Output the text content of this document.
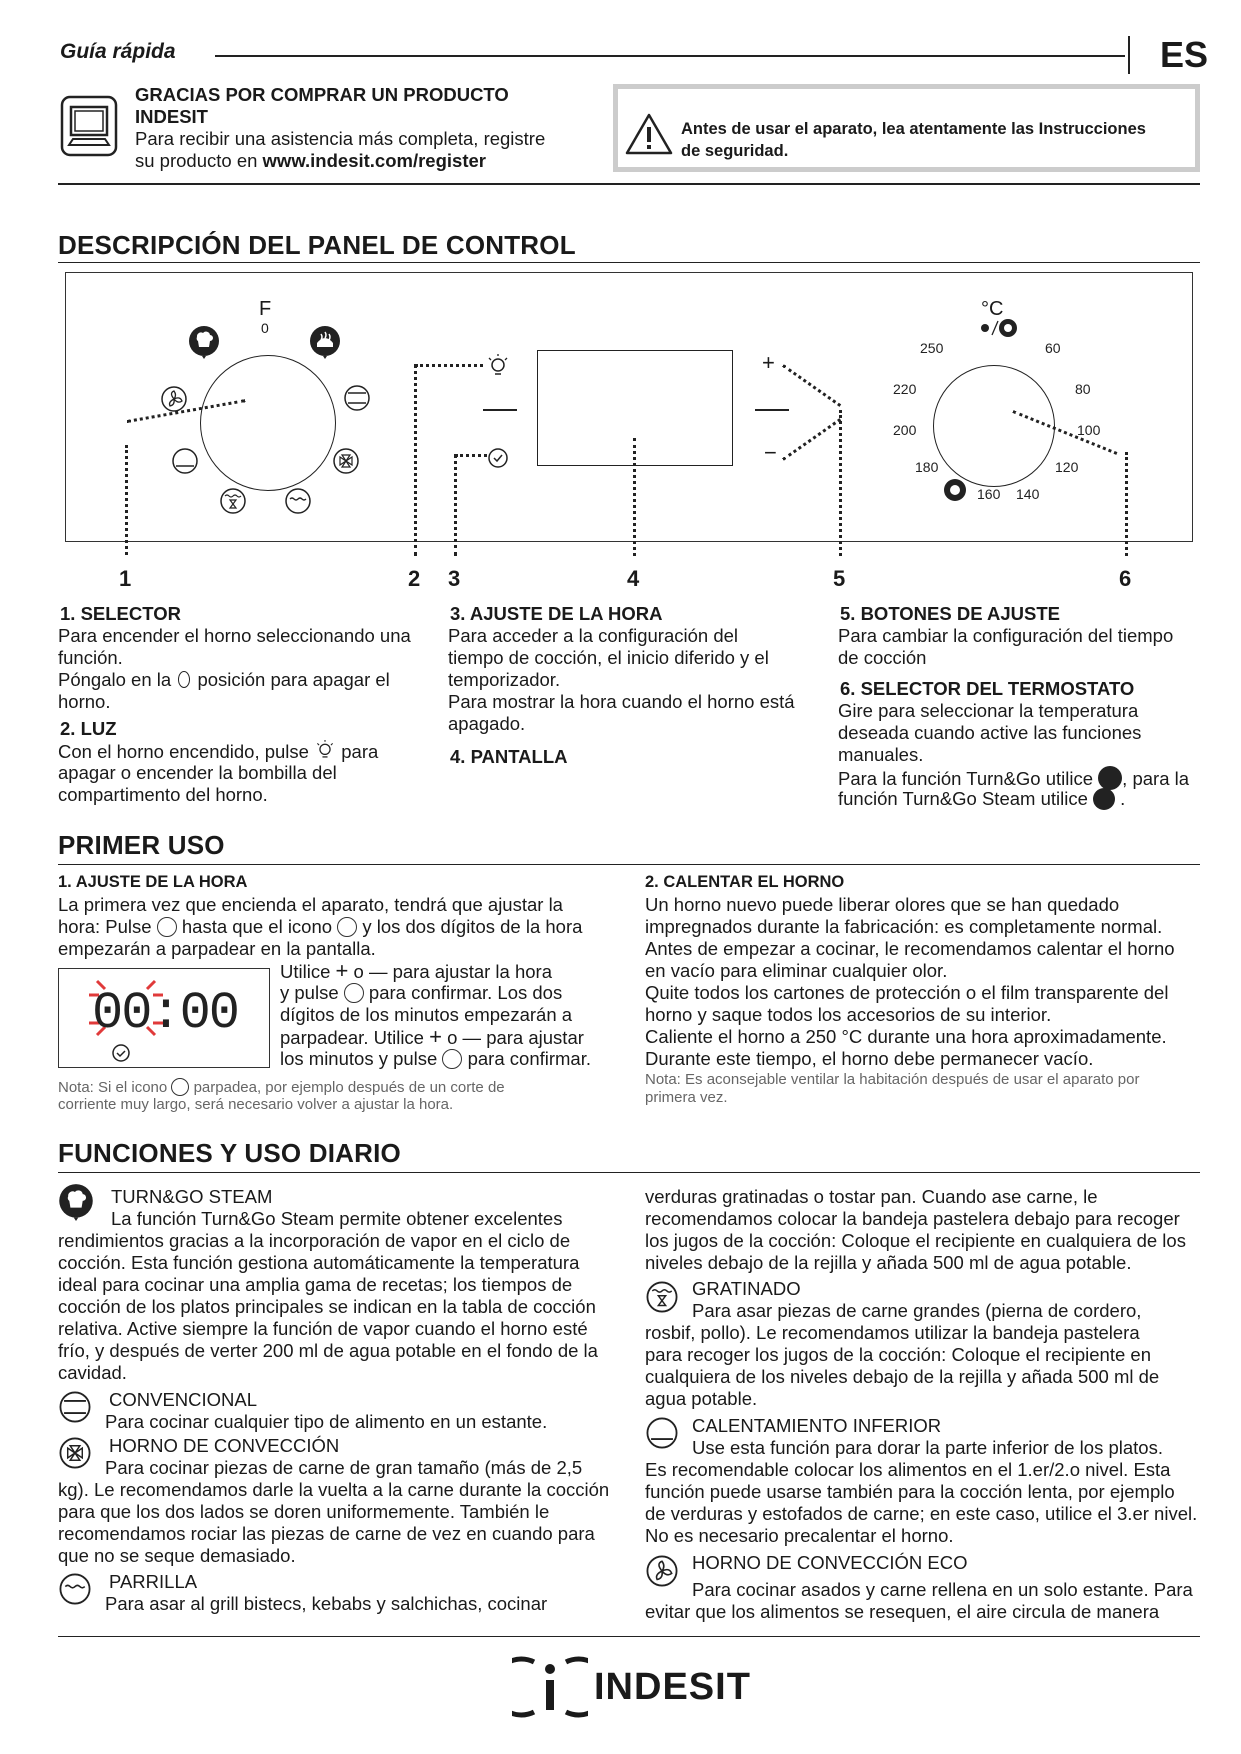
Guía rápida	ES
GRACIAS POR COMPRAR UN PRODUCTO
INDESIT
Para recibir una asistencia más completa, registre
su producto en www.indesit.com/register
Antes de usar el aparato, lea atentamente las Instrucciones
de seguridad.
DESCRIPCIÓN DEL PANEL DE CONTROL
F
0
+
−
°C
250	60
220	80
200	100
180	120
160 140
1	2 3	4	5	6
1. SELECTOR
Para encender el horno seleccionando una
función.
Póngalo en la posición para apagar el
horno.
2. LUZ
Con el horno encendido, pulse para
apagar o encender la bombilla del
compartimento del horno.
3. AJUSTE DE LA HORA
Para acceder a la configuración del
tiempo de cocción, el inicio diferido y el
temporizador.
Para mostrar la hora cuando el horno está
apagado.
4. PANTALLA
5. BOTONES DE AJUSTE
Para cambiar la configuración del tiempo
de cocción
6. SELECTOR DEL TERMOSTATO
Gire para seleccionar la temperatura
deseada cuando active las funciones
manuales.
Para la función Turn&Go utilice , para la
función Turn&Go Steam utilice .
PRIMER USO
1. AJUSTE DE LA HORA
La primera vez que encienda el aparato, tendrá que ajustar la
hora: Pulse hasta que el icono y los dos dígitos de la hora
empezarán a parpadear en la pantalla.
00:00
Utilice + o — para ajustar la hora
y pulse para confirmar. Los dos
dígitos de los minutos empezarán a
parpadear. Utilice + o — para ajustar
los minutos y pulse para confirmar.
Nota: Si el icono parpadea, por ejemplo después de un corte de
corriente muy largo, será necesario volver a ajustar la hora.
2. CALENTAR EL HORNO
Un horno nuevo puede liberar olores que se han quedado
impregnados durante la fabricación: es completamente normal.
Antes de empezar a cocinar, le recomendamos calentar el horno
en vacío para eliminar cualquier olor.
Quite todos los cartones de protección o el film transparente del
horno y saque todos los accesorios de su interior.
Caliente el horno a 250 °C durante una hora aproximadamente.
Durante este tiempo, el horno debe permanecer vacío.
Nota: Es aconsejable ventilar la habitación después de usar el aparato por
primera vez.
FUNCIONES Y USO DIARIO
TURN&GO STEAM
La función Turn&Go Steam permite obtener excelentes
rendimientos gracias a la incorporación de vapor en el ciclo de
cocción. Esta función gestiona automáticamente la temperatura
ideal para cocinar una amplia gama de recetas; los tiempos de
cocción de los platos principales se indican en la tabla de cocción
relativa. Active siempre la función de vapor cuando el horno esté
frío, y después de verter 200 ml de agua potable en el fondo de la
cavidad.
CONVENCIONAL
Para cocinar cualquier tipo de alimento en un estante.
HORNO DE CONVECCIÓN
Para cocinar piezas de carne de gran tamaño (más de 2,5
kg). Le recomendamos darle la vuelta a la carne durante la cocción
para que los dos lados se doren uniformemente. También le
recomendamos rociar las piezas de carne de vez en cuando para
que no se seque demasiado.
PARRILLA
Para asar al grill bistecs, kebabs y salchichas, cocinar
verduras gratinadas o tostar pan. Cuando ase carne, le
recomendamos colocar la bandeja pastelera debajo para recoger
los jugos de la cocción: Coloque el recipiente en cualquiera de los
niveles debajo de la rejilla y añada 500 ml de agua potable.
GRATINADO
Para asar piezas de carne grandes (pierna de cordero,
rosbif, pollo). Le recomendamos utilizar la bandeja pastelera
para recoger los jugos de la cocción: Coloque el recipiente en
cualquiera de los niveles debajo de la rejilla y añada 500 ml de
agua potable.
CALENTAMIENTO INFERIOR
Use esta función para dorar la parte inferior de los platos.
Es recomendable colocar los alimentos en el 1.er/2.o nivel. Esta
función puede usarse también para la cocción lenta, por ejemplo
de verduras y estofados de carne; en este caso, utilice el 3.er nivel.
No es necesario precalentar el horno.
HORNO DE CONVECCIÓN ECO
Para cocinar asados y carne rellena en un solo estante. Para
evitar que los alimentos se resequen, el aire circula de manera
INDESIT
